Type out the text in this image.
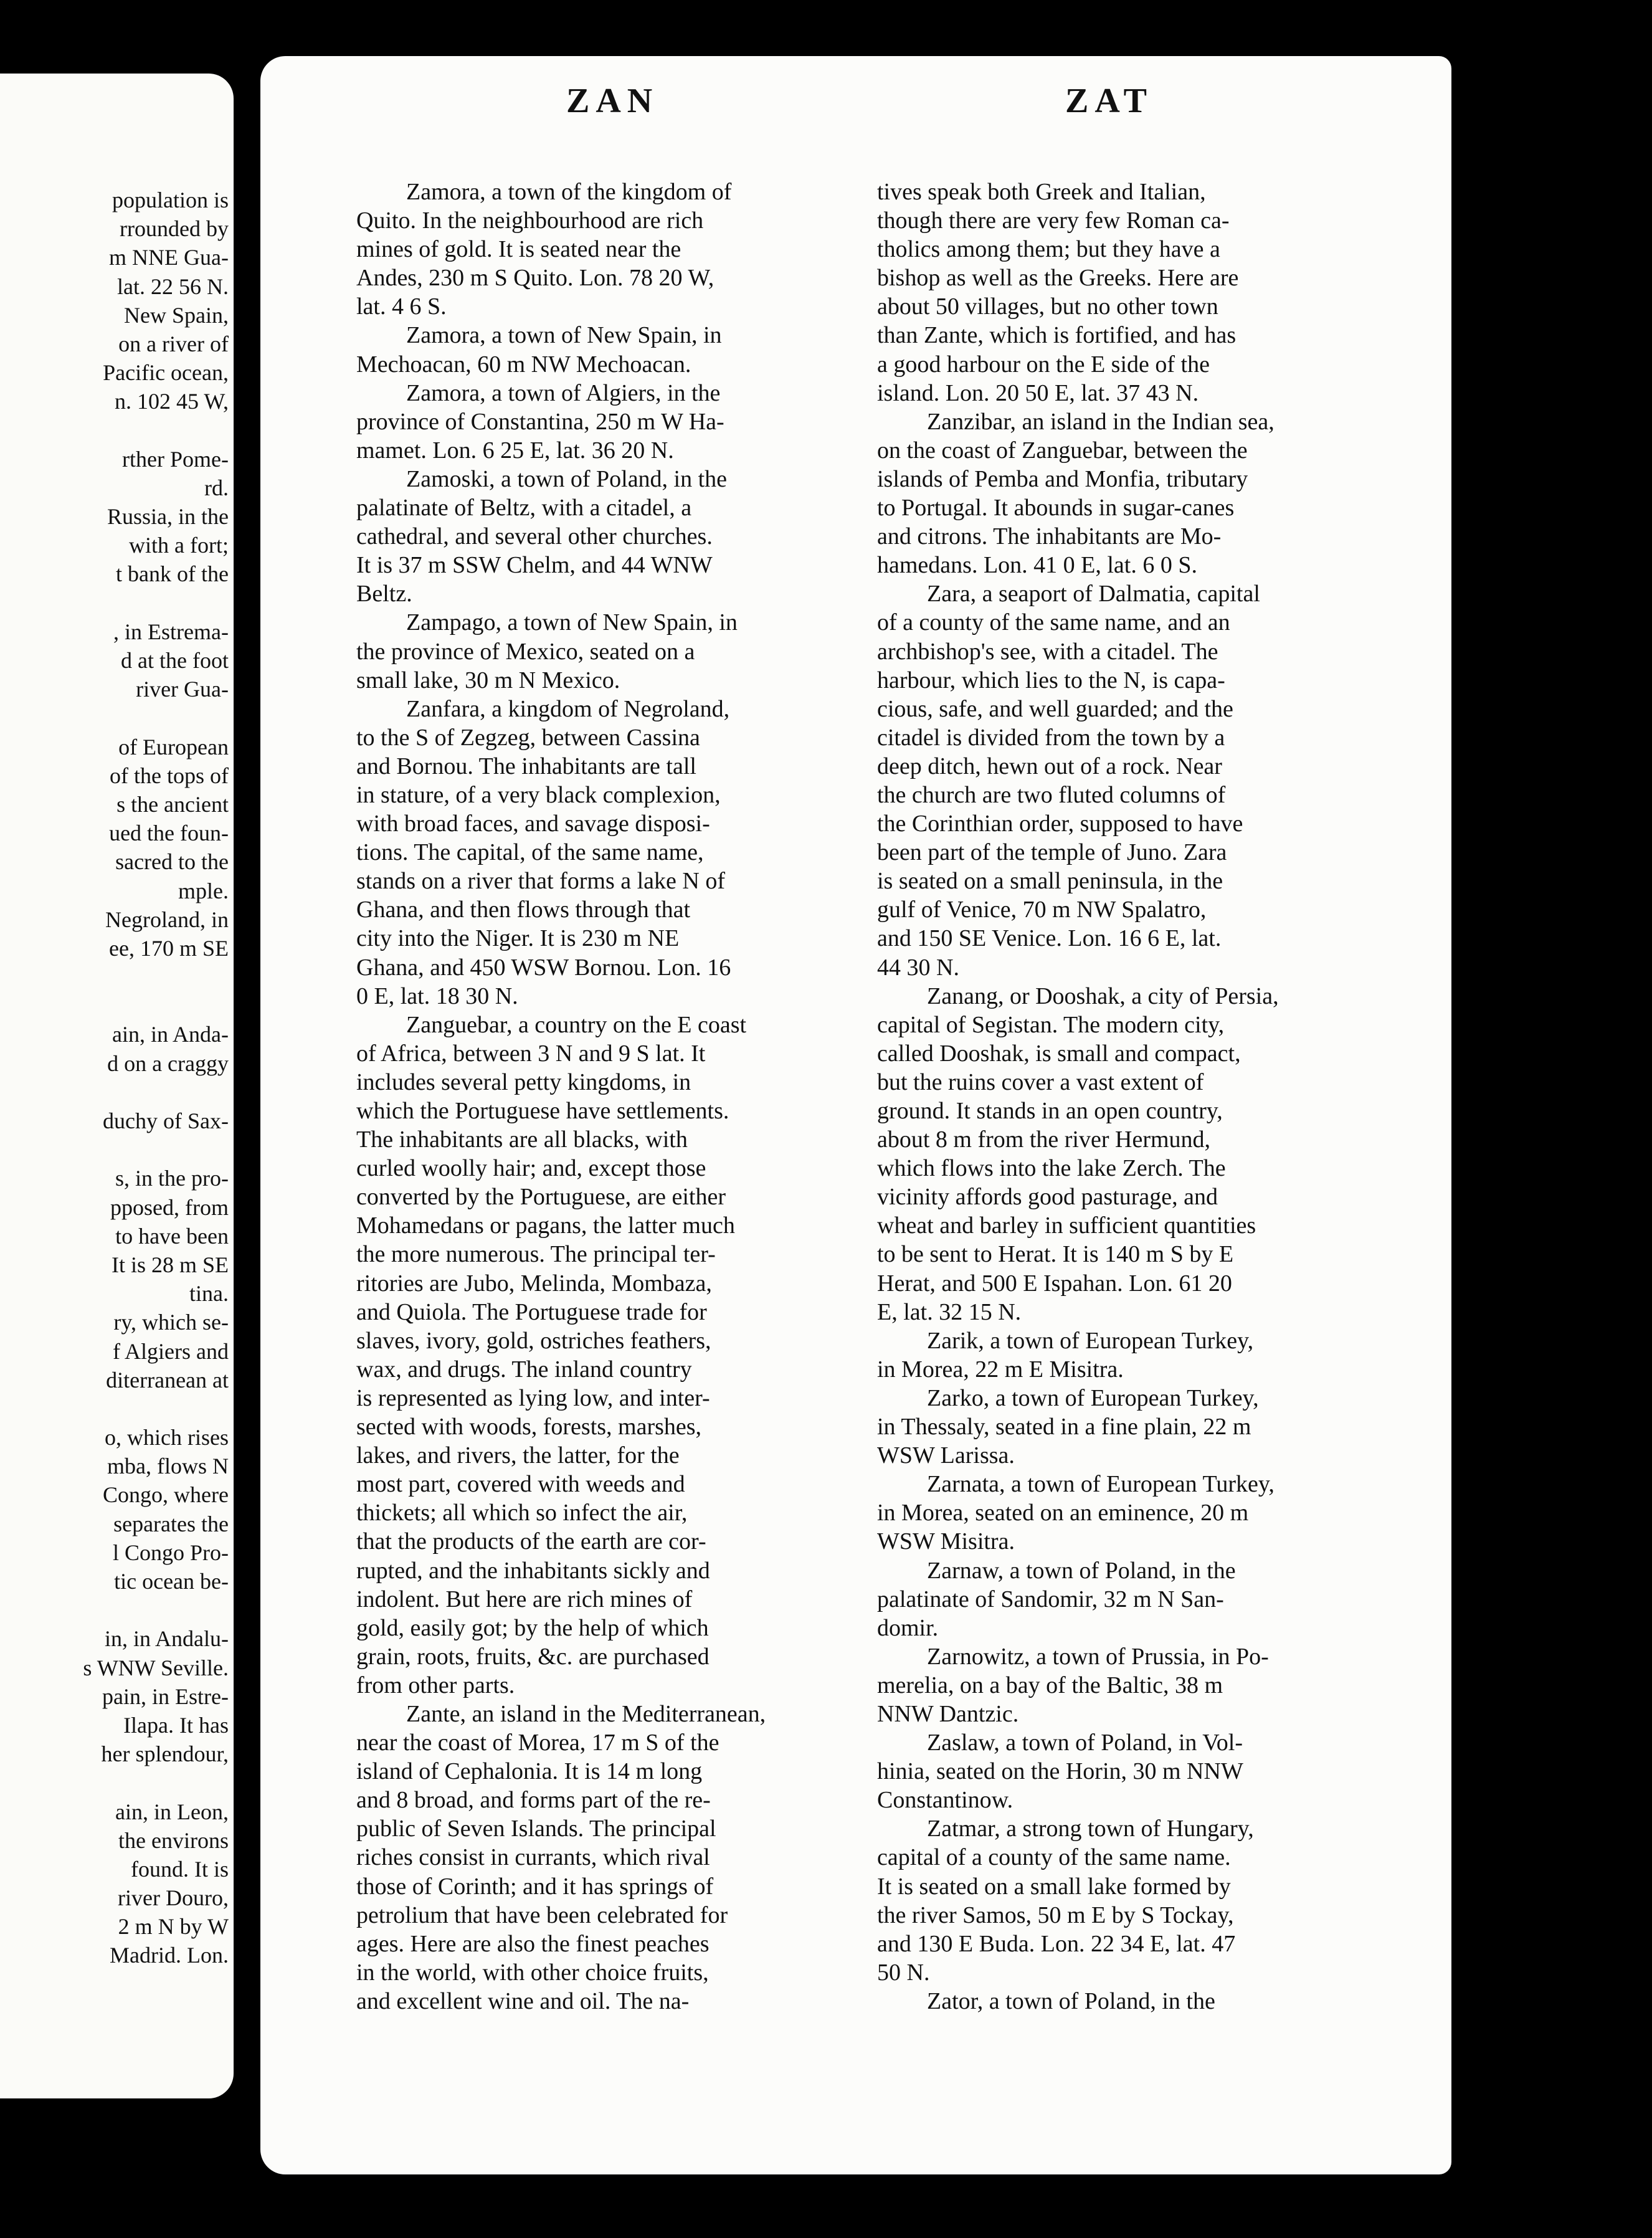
population is
rrounded by
m NNE Gua-
lat. 22 56 N.
New Spain,
on a river of
Pacific ocean,
n. 102 45 W,
rther Pome-
rd.
Russia, in the
with a fort;
t bank of the
, in Estrema-
d at the foot
river Gua-
of European
of the tops of
s the ancient
ued the foun-
sacred to the
mple.
Negroland, in
ee, 170 m SE
ain, in Anda-
d on a craggy
duchy of Sax-
s, in the pro-
pposed, from
to have been
It is 28 m SE
tina.
ry, which se-
f Algiers and
diterranean at
o, which rises
mba, flows N
Congo, where
separates the
l Congo Pro-
tic ocean be-
in, in Andalu-
s WNW Seville.
pain, in Estre-
Ilapa. It has
her splendour,
ain, in Leon,
the environs
found. It is
river Douro,
2 m N by W
Madrid. Lon.
ZAN	ZAT
Zamora, a town of the kingdom of
Quito. In the neighbourhood are rich
mines of gold. It is seated near the
Andes, 230 m S Quito. Lon. 78 20 W,
lat. 4 6 S.
Zamora, a town of New Spain, in
Mechoacan, 60 m NW Mechoacan.
Zamora, a town of Algiers, in the
province of Constantina, 250 m W Ha-
mamet. Lon. 6 25 E, lat. 36 20 N.
Zamoski, a town of Poland, in the
palatinate of Beltz, with a citadel, a
cathedral, and several other churches.
It is 37 m SSW Chelm, and 44 WNW
Beltz.
Zampago, a town of New Spain, in
the province of Mexico, seated on a
small lake, 30 m N Mexico.
Zanfara, a kingdom of Negroland,
to the S of Zegzeg, between Cassina
and Bornou. The inhabitants are tall
in stature, of a very black complexion,
with broad faces, and savage disposi-
tions. The capital, of the same name,
stands on a river that forms a lake N of
Ghana, and then flows through that
city into the Niger. It is 230 m NE
Ghana, and 450 WSW Bornou. Lon. 16
0 E, lat. 18 30 N.
Zanguebar, a country on the E coast
of Africa, between 3 N and 9 S lat. It
includes several petty kingdoms, in
which the Portuguese have settlements.
The inhabitants are all blacks, with
curled woolly hair; and, except those
converted by the Portuguese, are either
Mohamedans or pagans, the latter much
the more numerous. The principal ter-
ritories are Jubo, Melinda, Mombaza,
and Quiola. The Portuguese trade for
slaves, ivory, gold, ostriches feathers,
wax, and drugs. The inland country
is represented as lying low, and inter-
sected with woods, forests, marshes,
lakes, and rivers, the latter, for the
most part, covered with weeds and
thickets; all which so infect the air,
that the products of the earth are cor-
rupted, and the inhabitants sickly and
indolent. But here are rich mines of
gold, easily got; by the help of which
grain, roots, fruits, &c. are purchased
from other parts.
Zante, an island in the Mediterranean,
near the coast of Morea, 17 m S of the
island of Cephalonia. It is 14 m long
and 8 broad, and forms part of the re-
public of Seven Islands. The principal
riches consist in currants, which rival
those of Corinth; and it has springs of
petrolium that have been celebrated for
ages. Here are also the finest peaches
in the world, with other choice fruits,
and excellent wine and oil. The na-
tives speak both Greek and Italian,
though there are very few Roman ca-
tholics among them; but they have a
bishop as well as the Greeks. Here are
about 50 villages, but no other town
than Zante, which is fortified, and has
a good harbour on the E side of the
island. Lon. 20 50 E, lat. 37 43 N.
Zanzibar, an island in the Indian sea,
on the coast of Zanguebar, between the
islands of Pemba and Monfia, tributary
to Portugal. It abounds in sugar-canes
and citrons. The inhabitants are Mo-
hamedans. Lon. 41 0 E, lat. 6 0 S.
Zara, a seaport of Dalmatia, capital
of a county of the same name, and an
archbishop's see, with a citadel. The
harbour, which lies to the N, is capa-
cious, safe, and well guarded; and the
citadel is divided from the town by a
deep ditch, hewn out of a rock. Near
the church are two fluted columns of
the Corinthian order, supposed to have
been part of the temple of Juno. Zara
is seated on a small peninsula, in the
gulf of Venice, 70 m NW Spalatro,
and 150 SE Venice. Lon. 16 6 E, lat.
44 30 N.
Zanang, or Dooshak, a city of Persia,
capital of Segistan. The modern city,
called Dooshak, is small and compact,
but the ruins cover a vast extent of
ground. It stands in an open country,
about 8 m from the river Hermund,
which flows into the lake Zerch. The
vicinity affords good pasturage, and
wheat and barley in sufficient quantities
to be sent to Herat. It is 140 m S by E
Herat, and 500 E Ispahan. Lon. 61 20
E, lat. 32 15 N.
Zarik, a town of European Turkey,
in Morea, 22 m E Misitra.
Zarko, a town of European Turkey,
in Thessaly, seated in a fine plain, 22 m
WSW Larissa.
Zarnata, a town of European Turkey,
in Morea, seated on an eminence, 20 m
WSW Misitra.
Zarnaw, a town of Poland, in the
palatinate of Sandomir, 32 m N San-
domir.
Zarnowitz, a town of Prussia, in Po-
merelia, on a bay of the Baltic, 38 m
NNW Dantzic.
Zaslaw, a town of Poland, in Vol-
hinia, seated on the Horin, 30 m NNW
Constantinow.
Zatmar, a strong town of Hungary,
capital of a county of the same name.
It is seated on a small lake formed by
the river Samos, 50 m E by S Tockay,
and 130 E Buda. Lon. 22 34 E, lat. 47
50 N.
Zator, a town of Poland, in the
